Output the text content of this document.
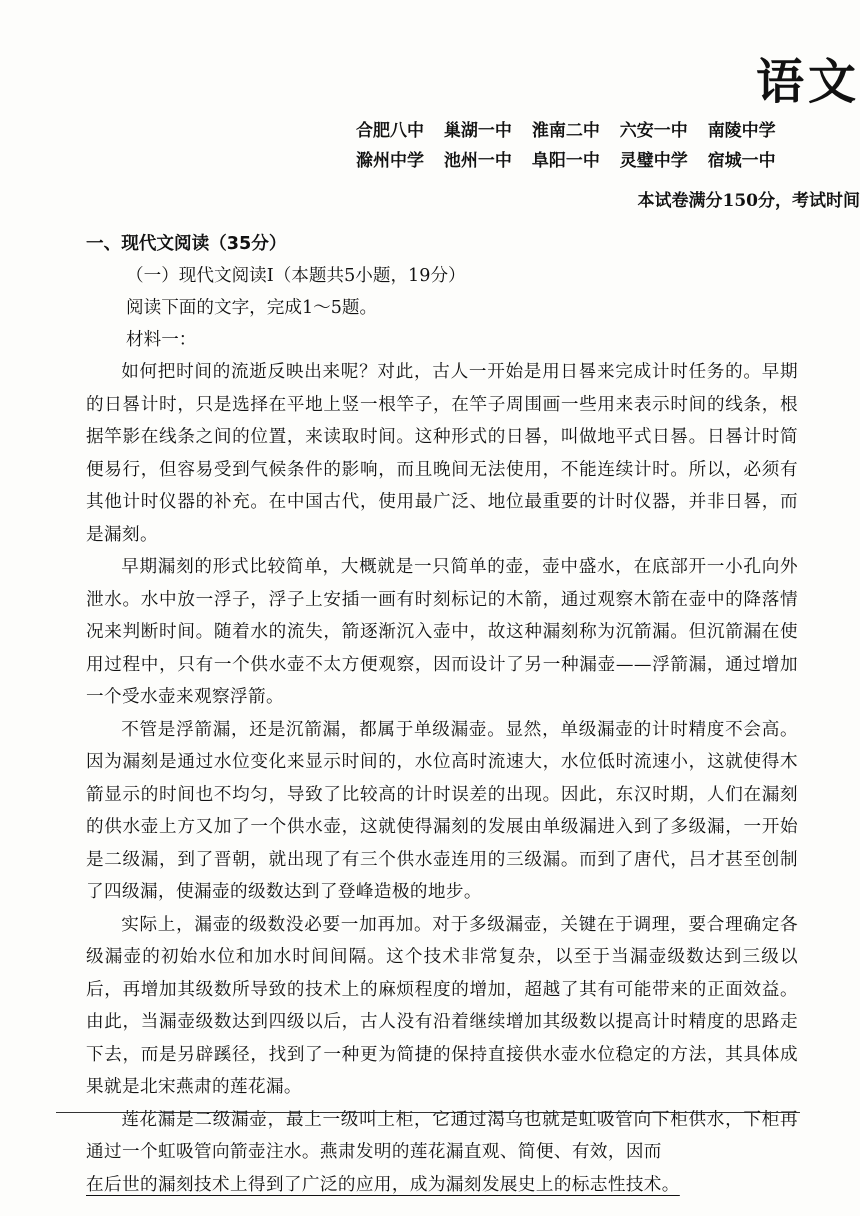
语文
合肥八中 巢湖一中 淮南二中 六安一中 南陵中学
滁州中学 池州一中 阜阳一中 灵璧中学 宿城一中
本试卷满分150分，考试时间

一、现代文阅读（35分）

（一）现代文阅读Ⅰ（本题共5小题，19分）

阅读下面的文字，完成1～5题。

材料一：

如何把时间的流逝反映出来呢？对此，古人一开始是用日晷来完成计时任务的。早期的日晷计时，只是选择在平地上竖一根竿子，在竿子周围画一些用来表示时间的线条，根据竿影在线条之间的位置，来读取时间。这种形式的日晷，叫做地平式日晷。日晷计时简便易行，但容易受到气候条件的影响，而且晚间无法使用，不能连续计时。所以，必须有其他计时仪器的补充。在中国古代，使用最广泛、地位最重要的计时仪器，并非日晷，而是漏刻。

早期漏刻的形式比较简单，大概就是一只简单的壶，壶中盛水，在底部开一小孔向外泄水。水中放一浮子，浮子上安插一画有时刻标记的木箭，通过观察木箭在壶中的降落情况来判断时间。随着水的流失，箭逐渐沉入壶中，故这种漏刻称为沉箭漏。但沉箭漏在使用过程中，只有一个供水壶不太方便观察，因而设计了另一种漏壶——浮箭漏，通过增加一个受水壶来观察浮箭。

不管是浮箭漏，还是沉箭漏，都属于单级漏壶。显然，单级漏壶的计时精度不会高。因为漏刻是通过水位变化来显示时间的，水位高时流速大，水位低时流速小，这就使得木箭显示的时间也不均匀，导致了比较高的计时误差的出现。因此，东汉时期，人们在漏刻的供水壶上方又加了一个供水壶，这就使得漏刻的发展由单级漏进入到了多级漏，一开始是二级漏，到了晋朝，就出现了有三个供水壶连用的三级漏。而到了唐代，吕才甚至创制了四级漏，使漏壶的级数达到了登峰造极的地步。

实际上，漏壶的级数没必要一加再加。对于多级漏壶，关键在于调理，要合理确定各级漏壶的初始水位和加水时间间隔。这个技术非常复杂，以至于当漏壶级数达到三级以后，再增加其级数所导致的技术上的麻烦程度的增加，超越了其有可能带来的正面效益。由此，当漏壶级数达到四级以后，古人没有沿着继续增加其级数以提高计时精度的思路走下去，而是另辟蹊径，找到了一种更为简捷的保持直接供水壶水位稳定的方法，其具体成果就是北宋燕肃的莲花漏。

莲花漏是二级漏壶，最上一级叫上柜，它通过渴乌也就是虹吸管向下柜供水，下柜再通过一个虹吸管向箭壶注水。燕肃发明的莲花漏直观、简便、有效，因而

在后世的漏刻技术上得到了广泛的应用，成为漏刻发展史上的标志性技术。
